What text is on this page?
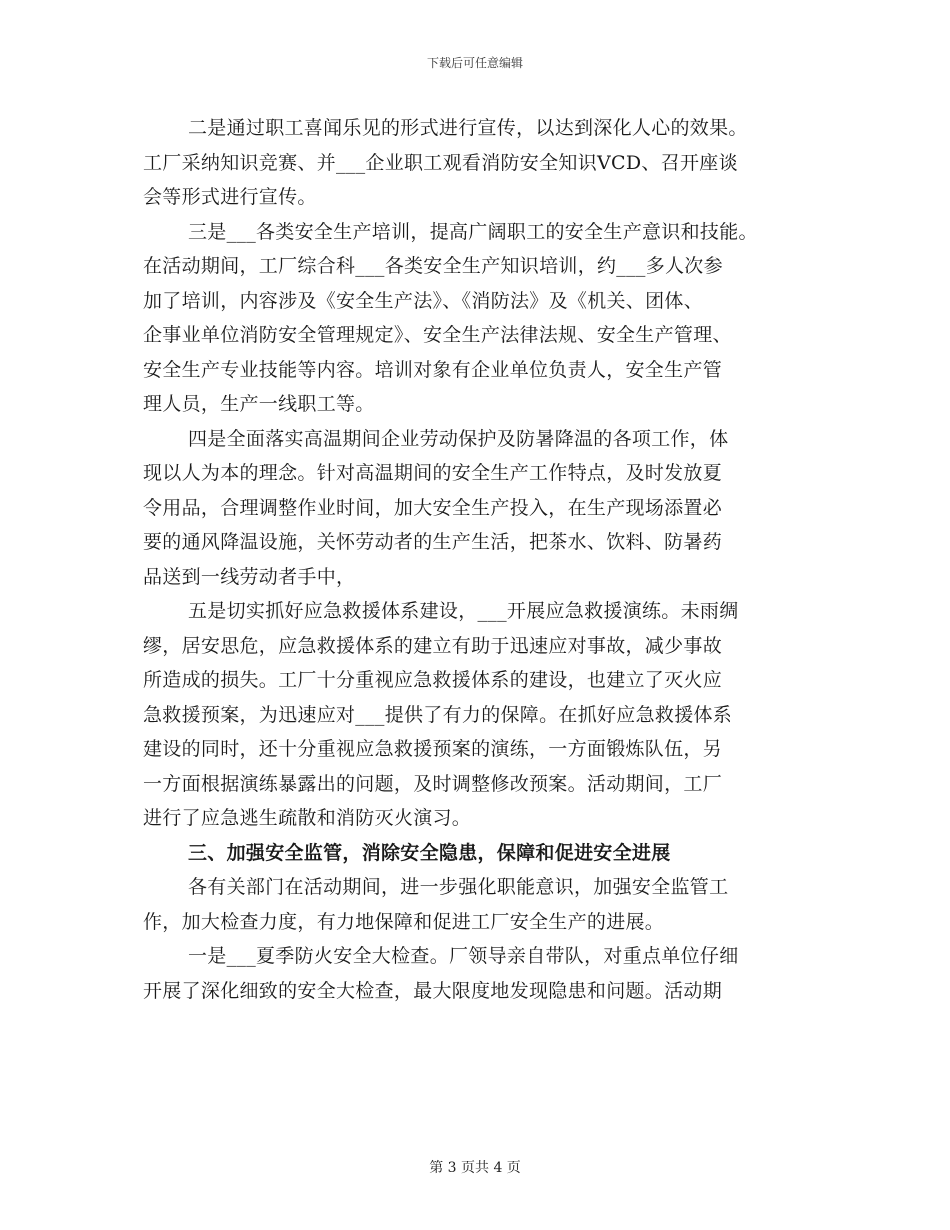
下载后可任意编辑
二是通过职工喜闻乐见的形式进行宣传，以达到深化人心的效果。
工厂采纳知识竞赛、并___企业职工观看消防安全知识VCD、召开座谈
会等形式进行宣传。
三是___各类安全生产培训，提高广阔职工的安全生产意识和技能。
在活动期间，工厂综合科___各类安全生产知识培训，约___多人次参
加了培训，内容涉及《安全生产法》、《消防法》及《机关、团体、
企事业单位消防安全管理规定》、安全生产法律法规、安全生产管理、
安全生产专业技能等内容。培训对象有企业单位负责人，安全生产管
理人员，生产一线职工等。
四是全面落实高温期间企业劳动保护及防暑降温的各项工作，体
现以人为本的理念。针对高温期间的安全生产工作特点，及时发放夏
令用品，合理调整作业时间，加大安全生产投入，在生产现场添置必
要的通风降温设施，关怀劳动者的生产生活，把茶水、饮料、防暑药
品送到一线劳动者手中，
五是切实抓好应急救援体系建设，___开展应急救援演练。未雨绸
缪，居安思危，应急救援体系的建立有助于迅速应对事故，减少事故
所造成的损失。工厂十分重视应急救援体系的建设，也建立了灭火应
急救援预案，为迅速应对___提供了有力的保障。在抓好应急救援体系
建设的同时，还十分重视应急救援预案的演练，一方面锻炼队伍，另
一方面根据演练暴露出的问题，及时调整修改预案。活动期间，工厂
进行了应急逃生疏散和消防灭火演习。
三、加强安全监管，消除安全隐患，保障和促进安全进展
各有关部门在活动期间，进一步强化职能意识，加强安全监管工
作，加大检查力度，有力地保障和促进工厂安全生产的进展。
一是___夏季防火安全大检查。厂领导亲自带队，对重点单位仔细
开展了深化细致的安全大检查，最大限度地发现隐患和问题。活动期
第 3 页共 4 页
